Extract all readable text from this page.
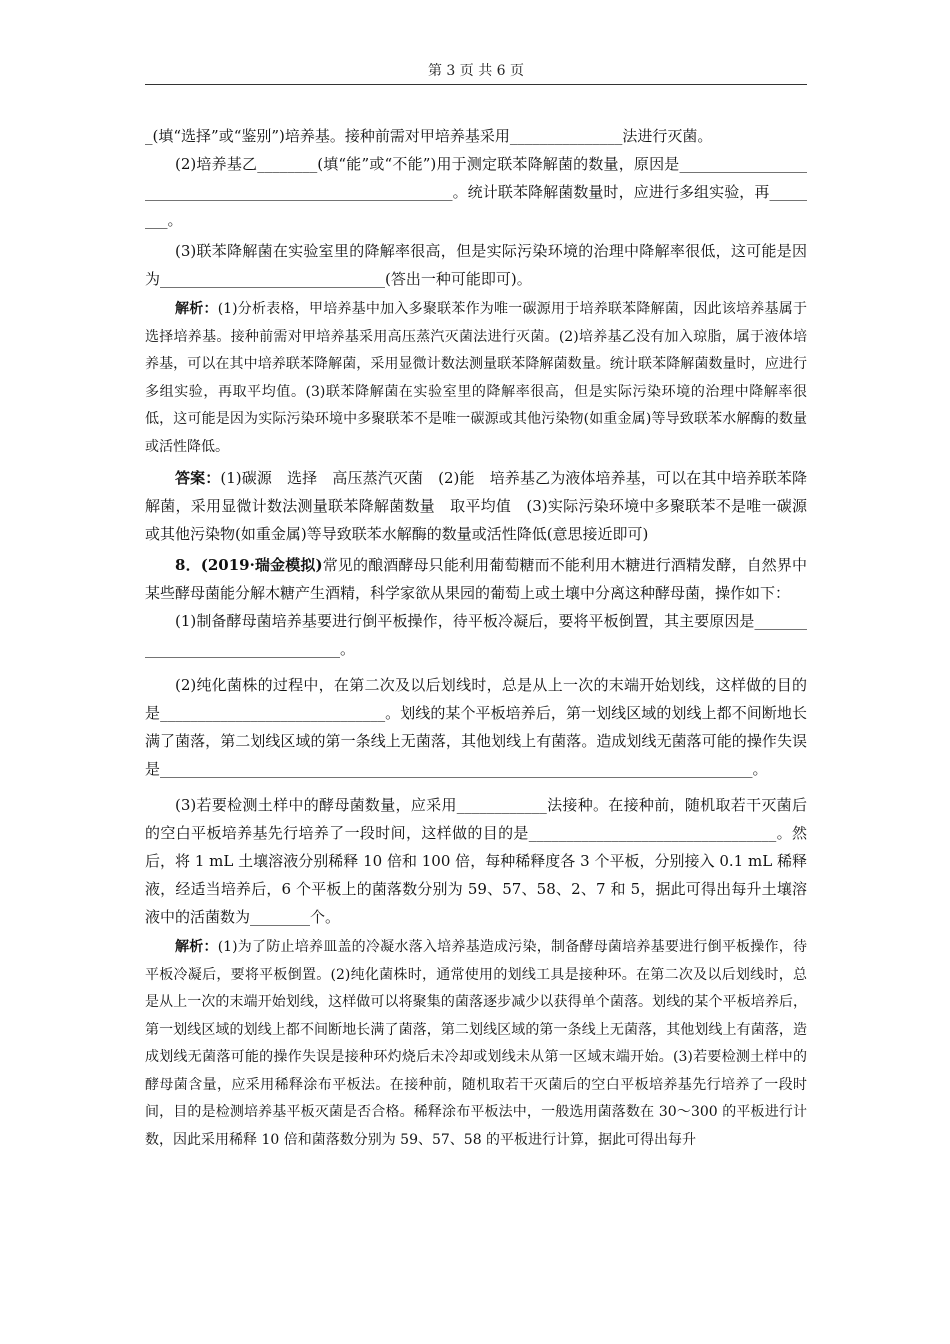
第 3 页 共 6 页

_(填“选择”或“鉴别”)培养基。接种前需对甲培养基采用_______________法进行灭菌。

(2)培养基乙________(填“能”或“不能”)用于测定联苯降解菌的数量，原因是__________________________________________________________。统计联苯降解菌数量时，应进行多组实验，再________。

(3)联苯降解菌在实验室里的降解率很高，但是实际污染环境的治理中降解率很低，这可能是因为______________________________(答出一种可能即可)。

解析：(1)分析表格，甲培养基中加入多聚联苯作为唯一碳源用于培养联苯降解菌，因此该培养基属于选择培养基。接种前需对甲培养基采用高压蒸汽灭菌法进行灭菌。(2)培养基乙没有加入琼脂，属于液体培养基，可以在其中培养联苯降解菌，采用显微计数法测量联苯降解菌数量。统计联苯降解菌数量时，应进行多组实验，再取平均值。(3)联苯降解菌在实验室里的降解率很高，但是实际污染环境的治理中降解率很低，这可能是因为实际污染环境中多聚联苯不是唯一碳源或其他污染物(如重金属)等导致联苯水解酶的数量或活性降低。

答案：(1)碳源　选择　高压蒸汽灭菌　(2)能　培养基乙为液体培养基，可以在其中培养联苯降解菌，采用显微计数法测量联苯降解菌数量　取平均值　(3)实际污染环境中多聚联苯不是唯一碳源或其他污染物(如重金属)等导致联苯水解酶的数量或活性降低(意思接近即可)

8．(2019·瑞金模拟)常见的酿酒酵母只能利用葡萄糖而不能利用木糖进行酒精发酵，自然界中某些酵母菌能分解木糖产生酒精，科学家欲从果园的葡萄上或土壤中分离这种酵母菌，操作如下：

(1)制备酵母菌培养基要进行倒平板操作，待平板冷凝后，要将平板倒置，其主要原因是_________________________________。

(2)纯化菌株的过程中，在第二次及以后划线时，总是从上一次的末端开始划线，这样做的目的是______________________________。划线的某个平板培养后，第一划线区域的划线上都不间断地长满了菌落，第二划线区域的第一条线上无菌落，其他划线上有菌落。造成划线无菌落可能的操作失误是_______________________________________________________________________________。

(3)若要检测土样中的酵母菌数量，应采用____________法接种。在接种前，随机取若干灭菌后的空白平板培养基先行培养了一段时间，这样做的目的是_________________________________。然后，将 1 mL 土壤溶液分别稀释 10 倍和 100 倍，每种稀释度各 3 个平板，分别接入 0.1 mL 稀释液，经适当培养后，6 个平板上的菌落数分别为 59、57、58、2、7 和 5，据此可得出每升土壤溶液中的活菌数为________个。

解析：(1)为了防止培养皿盖的冷凝水落入培养基造成污染，制备酵母菌培养基要进行倒平板操作，待平板冷凝后，要将平板倒置。(2)纯化菌株时，通常使用的划线工具是接种环。在第二次及以后划线时，总是从上一次的末端开始划线，这样做可以将聚集的菌落逐步减少以获得单个菌落。划线的某个平板培养后，第一划线区域的划线上都不间断地长满了菌落，第二划线区域的第一条线上无菌落，其他划线上有菌落，造成划线无菌落可能的操作失误是接种环灼烧后未冷却或划线未从第一区域末端开始。(3)若要检测土样中的酵母菌含量，应采用稀释涂布平板法。在接种前，随机取若干灭菌后的空白平板培养基先行培养了一段时间，目的是检测培养基平板灭菌是否合格。稀释涂布平板法中，一般选用菌落数在 30～300 的平板进行计数，因此采用稀释 10 倍和菌落数分别为 59、57、58 的平板进行计算，据此可得出每升
